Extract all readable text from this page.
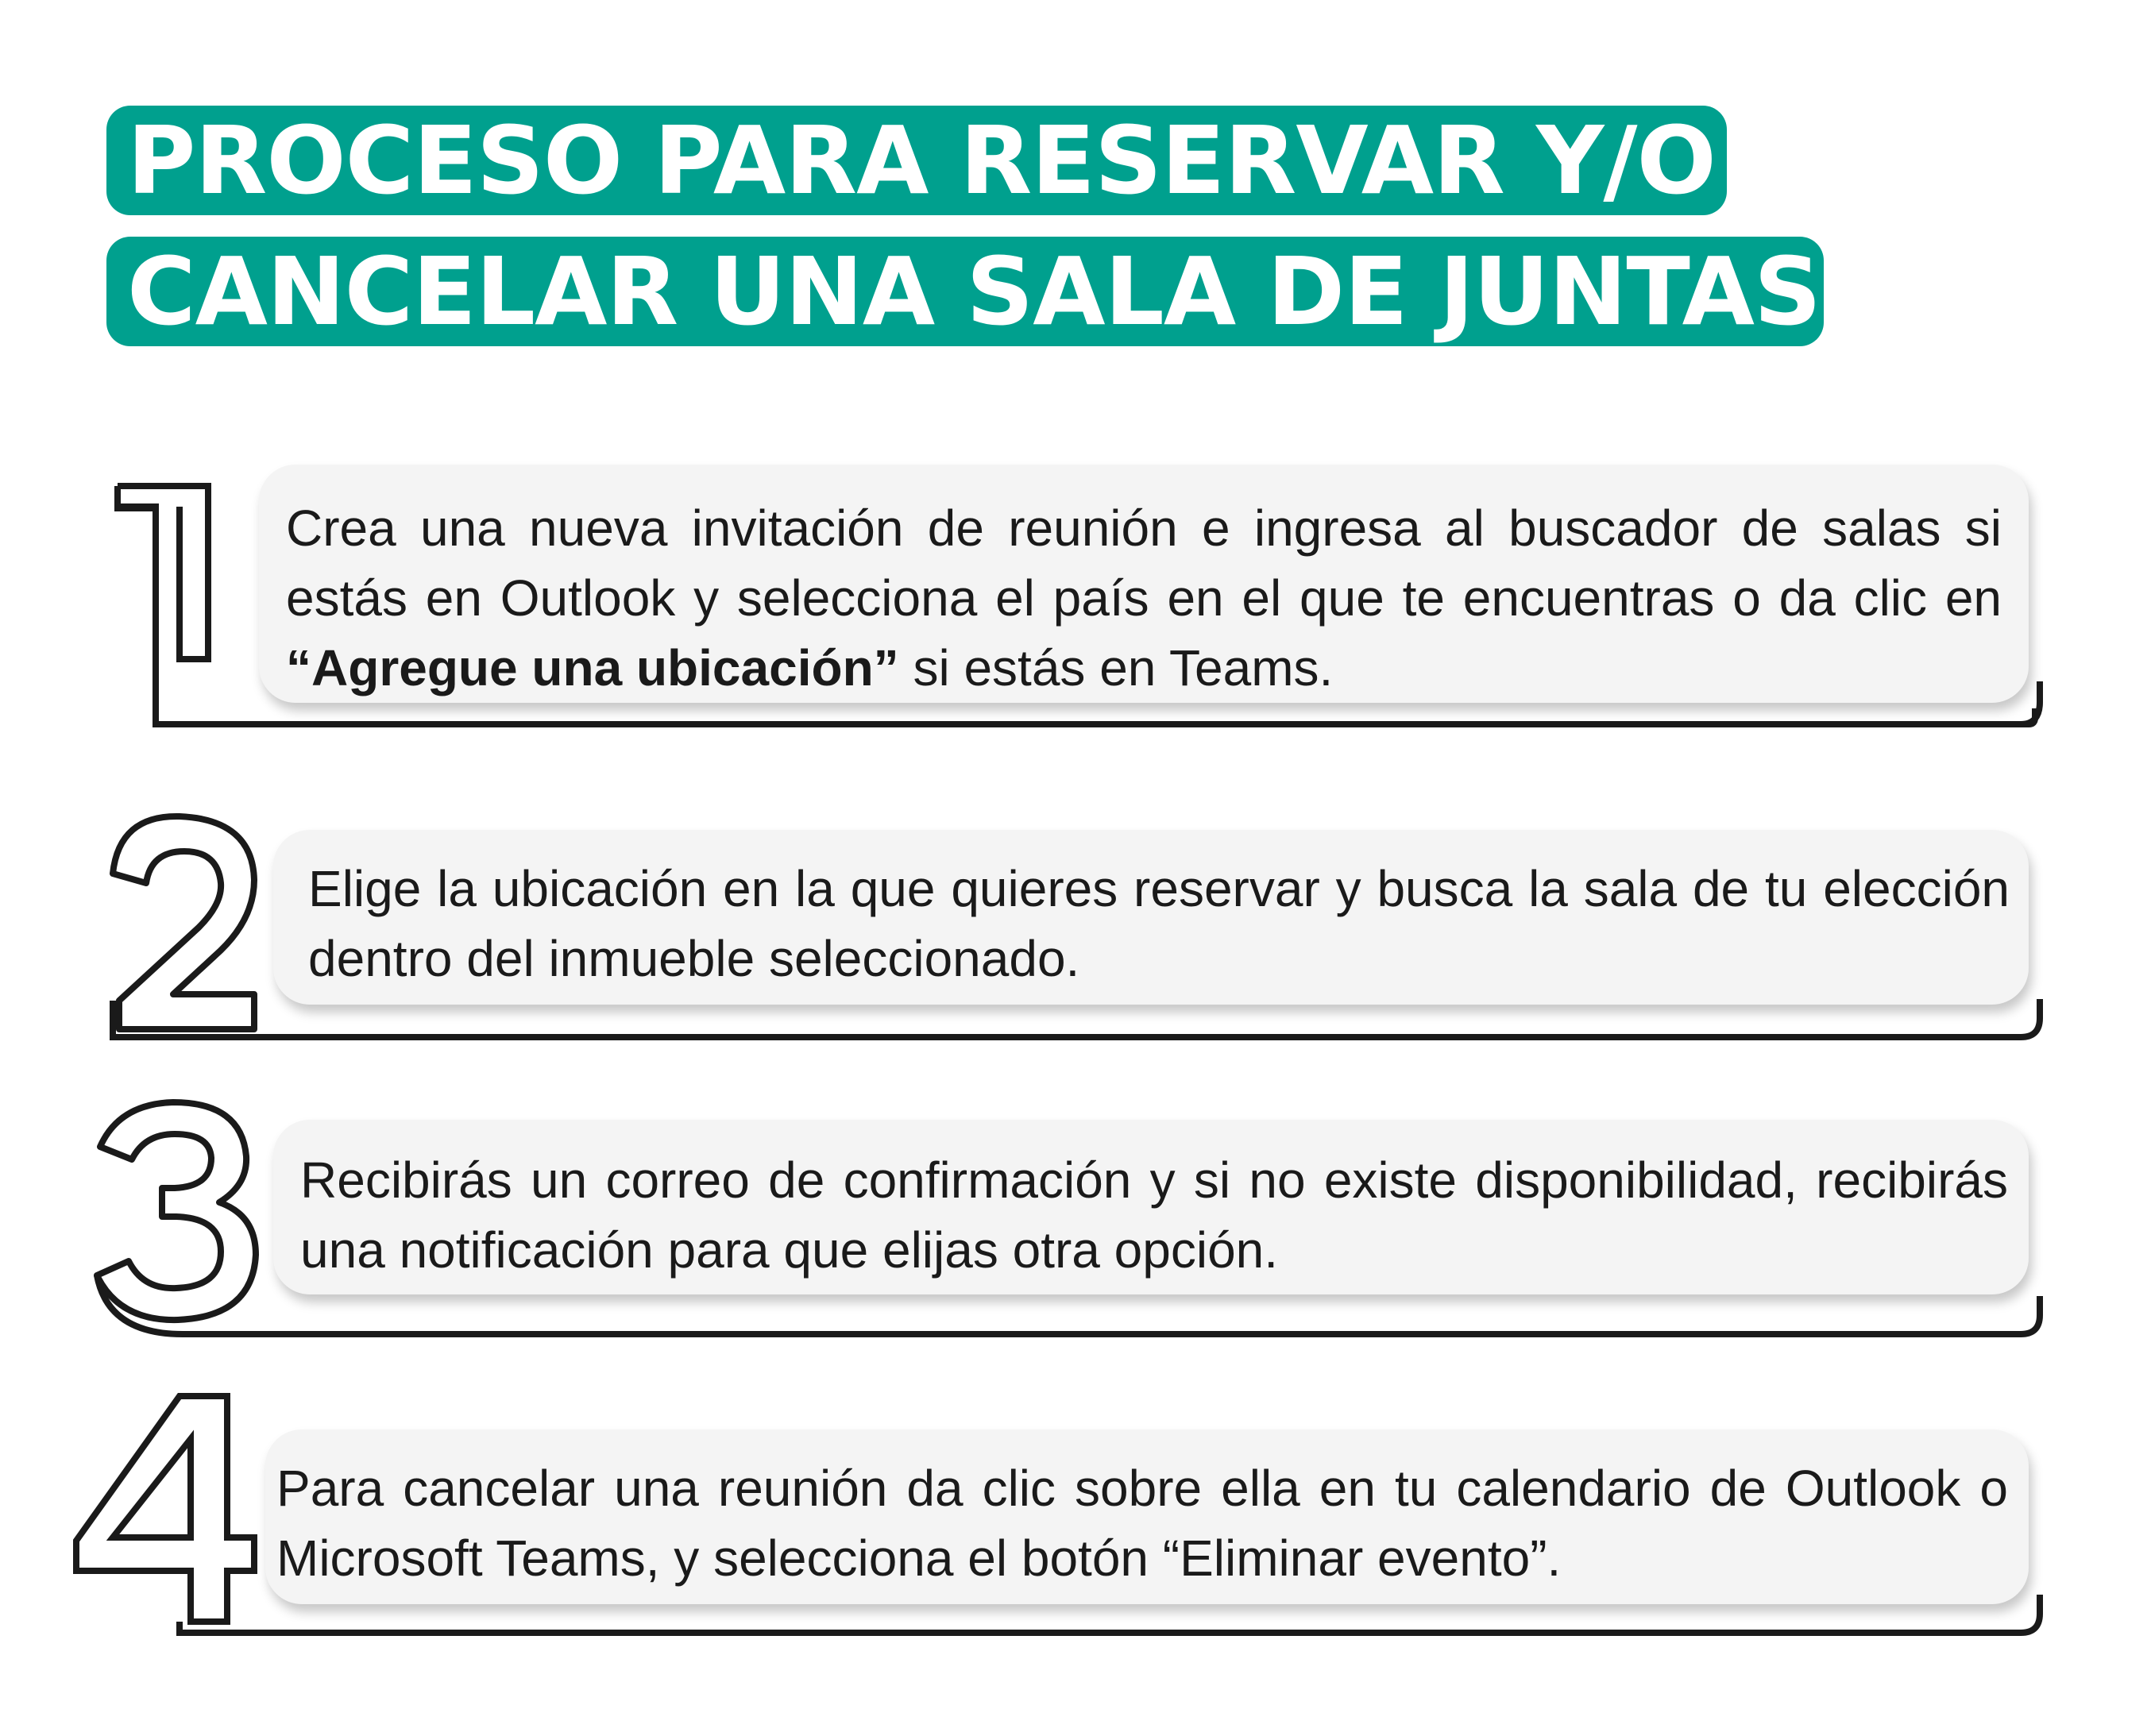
PROCESO PARA RESERVAR Y/O
CANCELAR UNA SALA DE JUNTAS
Crea una nueva invitación de reunión e ingresa al buscador de salas si estás en Outlook y selecciona el país en el que te encuentras o da clic en “Agregue una ubicación” si estás en Teams.
Elige la ubicación en la que quieres reservar y busca la sala de tu elección dentro del inmueble seleccionado.
Recibirás un correo de confirmación y si no existe disponibilidad, recibirás una notificación para que elijas otra opción.
Para cancelar una reunión da clic sobre ella en tu calendario de Outlook o Microsoft Teams, y selecciona el botón “Eliminar evento”.
